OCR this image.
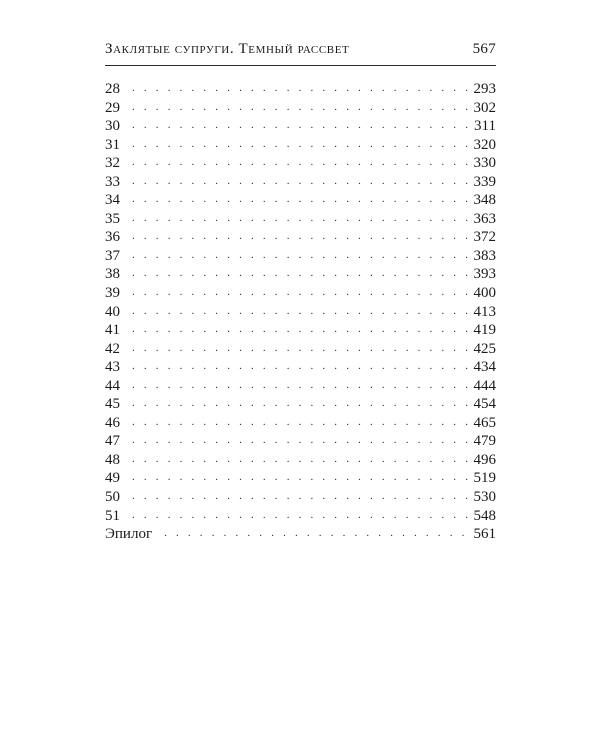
Заклятые супруги. Темный рассвет	567
28 . . .	293
29 . . .	302
30 . . .	311
31 . . .	320
32 . . .	330
33 . . .	339
34 . . .	348
35 . . .	363
36 . . .	372
37 . . .	383
38 . . .	393
39 . . .	400
40 . . .	413
41 . . .	419
42 . . .	425
43 . . .	434
44 . . .	444
45 . . .	454
46 . . .	465
47 . . .	479
48 . . .	496
49 . . .	519
50 . . .	530
51 . . .	548
Эпилог . . .	561
